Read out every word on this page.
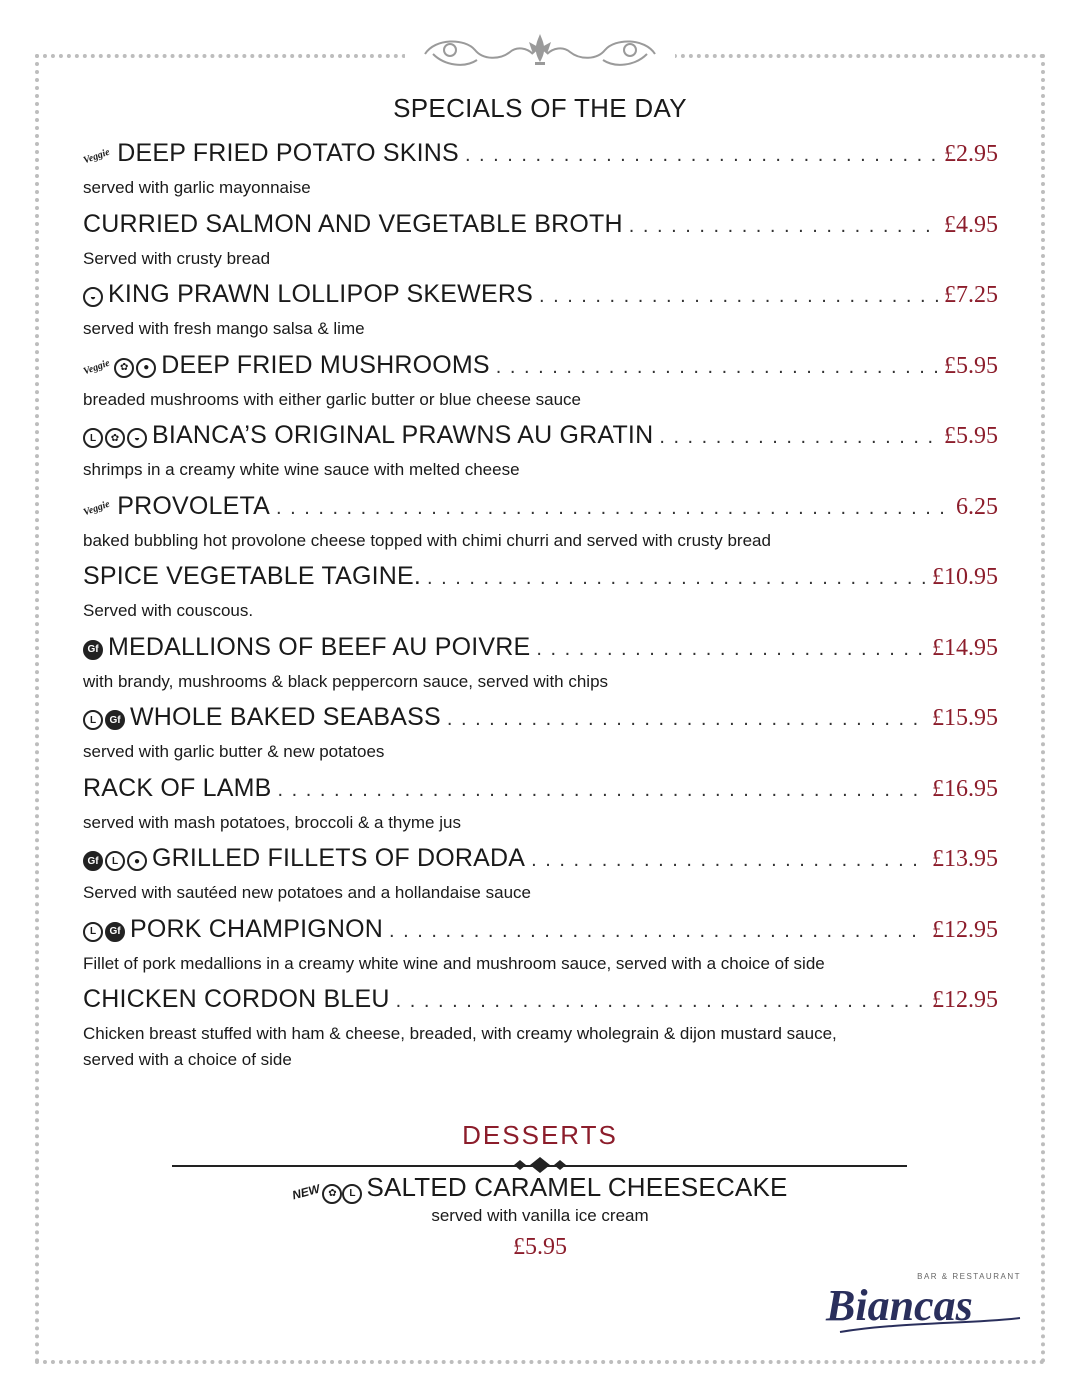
SPECIALS OF THE DAY
Veggie DEEP FRIED POTATO SKINS . . .	£2.95
served with garlic mayonnaise
CURRIED SALMON AND VEGETABLE BROTH . . .	£4.95
Served with crusty bread
◒ KING PRAWN LOLLIPOP SKEWERS . . .	£7.25
served with fresh mango salsa & lime
Veggie ✿	● DEEP FRIED MUSHROOMS . . .	£5.95
breaded mushrooms with either garlic butter or blue cheese sauce
L	✿	◒ BIANCA’S ORIGINAL PRAWNS AU GRATIN . . .	£5.95
shrimps in a creamy white wine sauce with melted cheese
Veggie PROVOLETA . . .	6.25
baked bubbling hot provolone cheese topped with chimi churri and served with crusty bread
SPICE VEGETABLE TAGINE. . . .	£10.95
Served with couscous.
Gf MEDALLIONS OF BEEF AU POIVRE . . .	£14.95
with brandy, mushrooms & black peppercorn sauce, served with chips
L	Gf WHOLE BAKED SEABASS . . .	£15.95
served with garlic butter & new potatoes
RACK OF LAMB . . .	£16.95
served with mash potatoes, broccoli & a thyme jus
Gf	L	● GRILLED FILLETS OF DORADA . . .	£13.95
Served with sautéed new potatoes and a hollandaise sauce
L	Gf PORK CHAMPIGNON . . .	£12.95
Fillet of pork medallions in a creamy white wine and mushroom sauce, served with a choice of side
CHICKEN CORDON BLEU . . .	£12.95
Chicken breast stuffed with ham & cheese, breaded, with creamy wholegrain & dijon mustard sauce,
served with a choice of side
DESSERTS
NEW ✿ L SALTED CARAMEL CHEESECAKE
served with vanilla ice cream
£5.95
BAR & RESTAURANT
Biancas
